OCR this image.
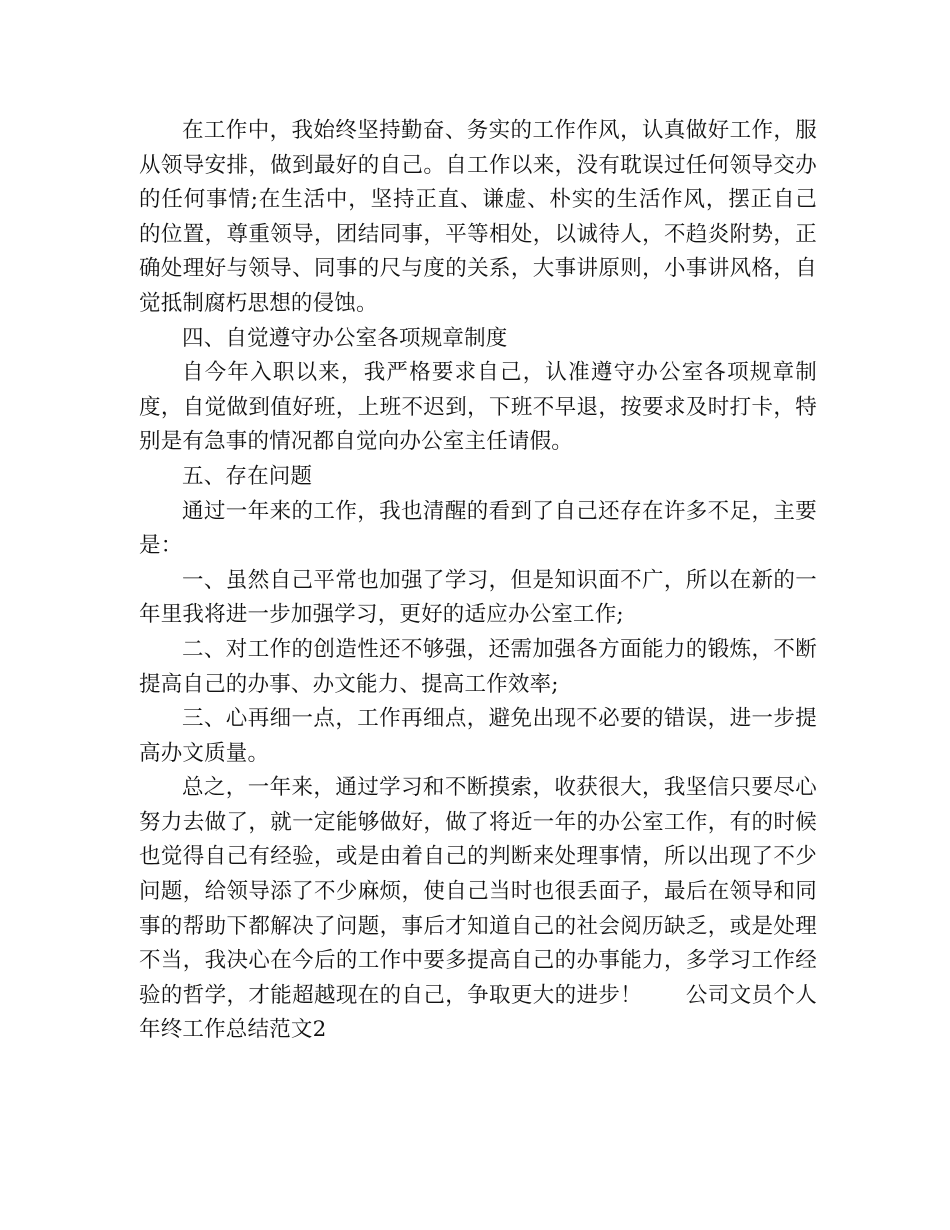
在工作中，我始终坚持勤奋、务实的工作作风，认真做好工作，服从领导安排，做到最好的自己。自工作以来，没有耽误过任何领导交办的任何事情;在生活中，坚持正直、谦虚、朴实的生活作风，摆正自己的位置，尊重领导，团结同事，平等相处，以诚待人，不趋炎附势，正确处理好与领导、同事的尺与度的关系，大事讲原则，小事讲风格，自觉抵制腐朽思想的侵蚀。

四、自觉遵守办公室各项规章制度

自今年入职以来，我严格要求自己，认准遵守办公室各项规章制度，自觉做到值好班，上班不迟到，下班不早退，按要求及时打卡，特别是有急事的情况都自觉向办公室主任请假。

五、存在问题

通过一年来的工作，我也清醒的看到了自己还存在许多不足，主要是：

一、虽然自己平常也加强了学习，但是知识面不广，所以在新的一年里我将进一步加强学习，更好的适应办公室工作;

二、对工作的创造性还不够强，还需加强各方面能力的锻炼，不断提高自己的办事、办文能力、提高工作效率;

三、心再细一点，工作再细点，避免出现不必要的错误，进一步提高办文质量。

总之，一年来，通过学习和不断摸索，收获很大，我坚信只要尽心努力去做了，就一定能够做好，做了将近一年的办公室工作，有的时候也觉得自己有经验，或是由着自己的判断来处理事情，所以出现了不少问题，给领导添了不少麻烦，使自己当时也很丢面子，最后在领导和同事的帮助下都解决了问题，事后才知道自己的社会阅历缺乏，或是处理不当，我决心在今后的工作中要多提高自己的办事能力，多学习工作经验的哲学，才能超越现在的自己，争取更大的进步！　　公司文员个人年终工作总结范文2
